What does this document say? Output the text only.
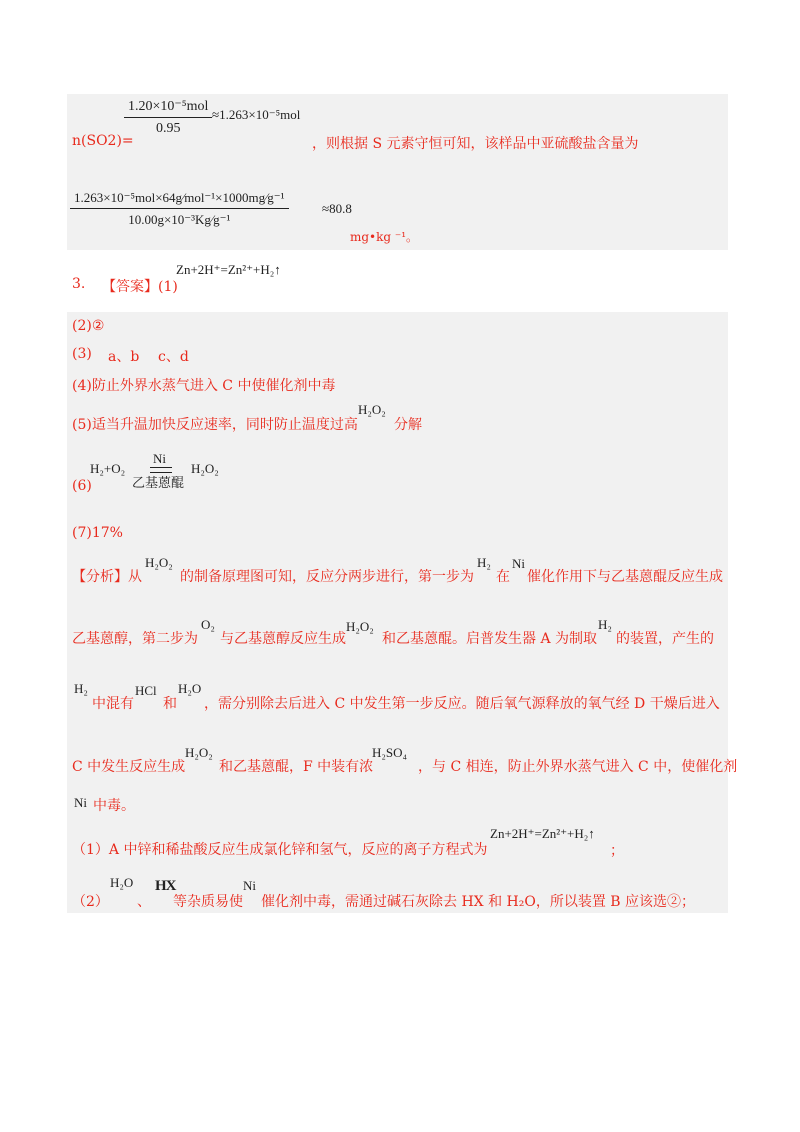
1.20×10⁻⁵mol
0.95
≈1.263×10⁻⁵mol
n(SO2)=	，则根据 S 元素守恒可知，该样品中亚硫酸盐含量为
1.263×10⁻⁵mol×64g⁄mol⁻¹×1000mg⁄g⁻¹
10.00g×10⁻³Kg⁄g⁻¹
≈80.8
mg•kg ⁻¹。
3. 【答案】(1)
Zn+2H⁺=Zn²⁺+H₂↑
(2)②
(3) a、b c、d
(4)防止外界水蒸气进入 C 中使催化剂中毒
(5)适当升温加快反应速率，同时防止温度过高
H₂O₂
分解
(6)
H₂+O₂
Ni
乙基蒽醌
H₂O₂
(7)17%
【分析】从
H₂O₂
的制备原理图可知，反应分两步进行，第一步为
H₂
在
Ni
催化作用下与乙基蒽醌反应生成
乙基蒽醇，第二步为
O₂
与乙基蒽醇反应生成
H₂O₂
和乙基蒽醌。启普发生器 A 为制取
H₂
的装置，产生的
H₂
中混有
HCl
和
H₂O
，需分别除去后进入 C 中发生第一步反应。随后氧气源释放的氧气经 D 干燥后进入
C 中发生反应生成
H₂O₂
和乙基蒽醌，F 中装有浓
H₂SO₄
，与 C 相连，防止外界水蒸气进入 C 中，使催化剂
Ni 中毒。
（1）A 中锌和稀盐酸反应生成氯化锌和氢气，反应的离子方程式为
Zn+2H⁺=Zn²⁺+H₂↑
；
（2）
H₂O
、
HX
等杂质易使
Ni
催化剂中毒，需通过碱石灰除去 HX 和 H₂O，所以装置 B 应该选②；
